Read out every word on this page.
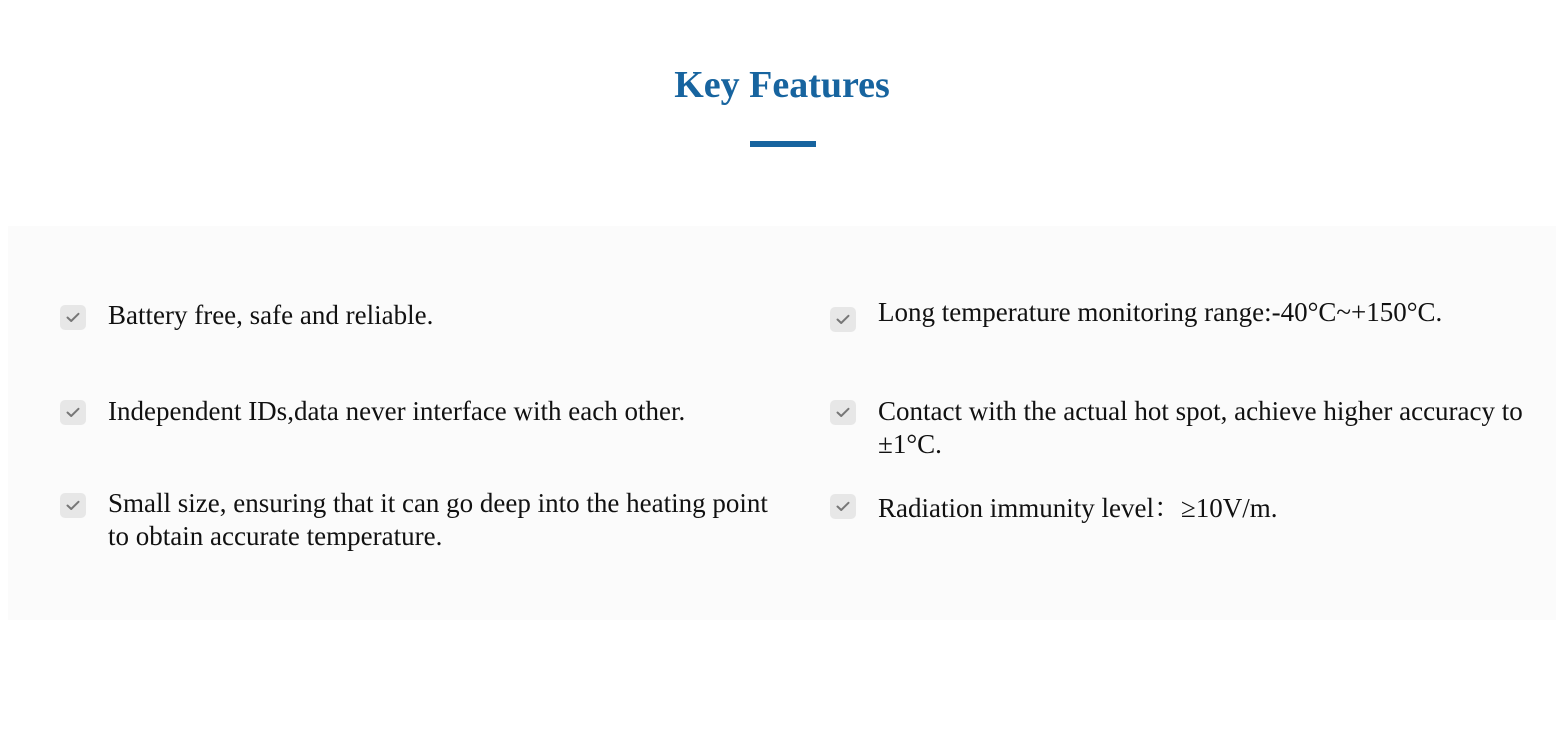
Key Features
Battery free, safe and reliable.
Independent IDs,data never interface with each other.
Small size, ensuring that it can go deep into the heating point to obtain accurate temperature.
Long temperature monitoring range:-40°C~+150°C.
Contact with the actual hot spot, achieve higher accuracy to ±1°C.
Radiation immunity level：≥10V/m.
